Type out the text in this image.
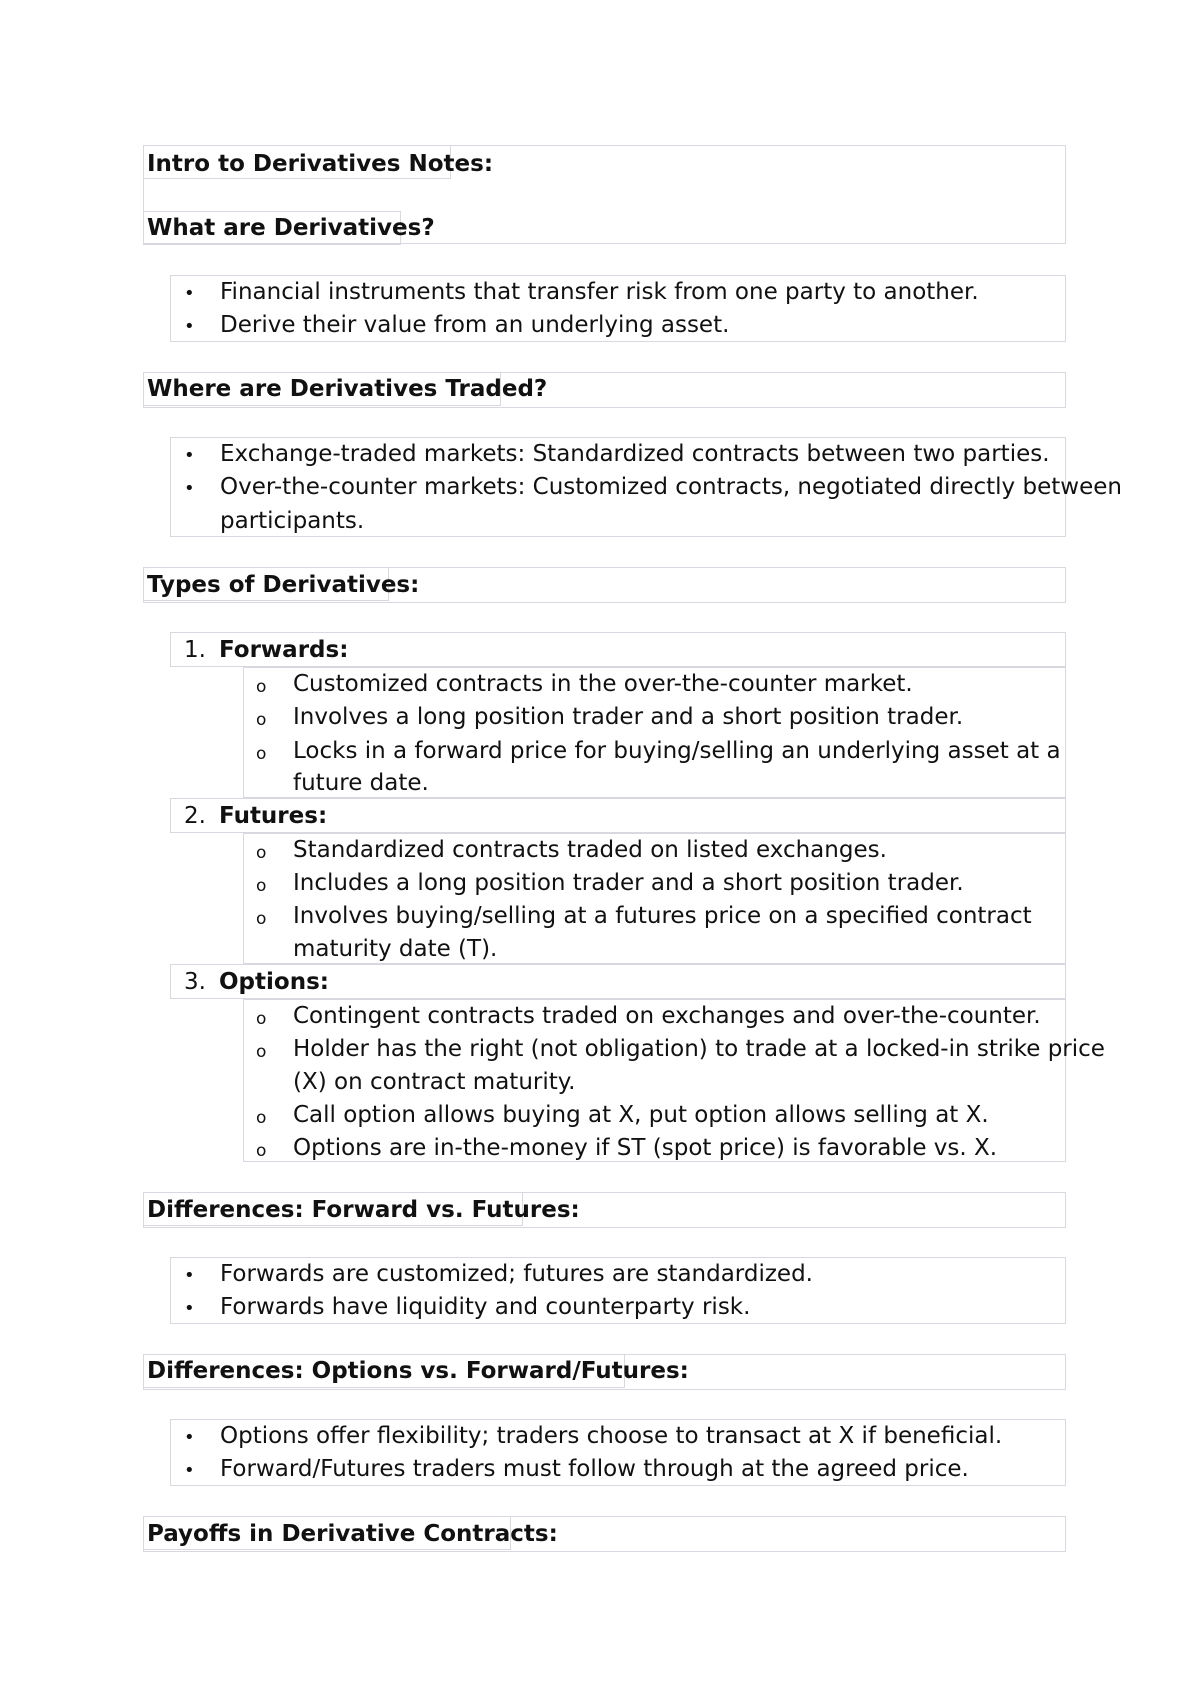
Intro to Derivatives Notes:
What are Derivatives?
• Financial instruments that transfer risk from one party to another.
• Derive their value from an underlying asset.
Where are Derivatives Traded?
• Exchange-traded markets: Standardized contracts between two parties.
• Over-the-counter markets: Customized contracts, negotiated directly between
participants.
Types of Derivatives:
1. Forwards:
o Customized contracts in the over-the-counter market.
o Involves a long position trader and a short position trader.
o Locks in a forward price for buying/selling an underlying asset at a
future date.
2. Futures:
o Standardized contracts traded on listed exchanges.
o Includes a long position trader and a short position trader.
o Involves buying/selling at a futures price on a specified contract
maturity date (T).
3. Options:
o Contingent contracts traded on exchanges and over-the-counter.
o Holder has the right (not obligation) to trade at a locked-in strike price
(X) on contract maturity.
o Call option allows buying at X, put option allows selling at X.
o Options are in-the-money if ST (spot price) is favorable vs. X.
Differences: Forward vs. Futures:
• Forwards are customized; futures are standardized.
• Forwards have liquidity and counterparty risk.
Differences: Options vs. Forward/Futures:
• Options offer flexibility; traders choose to transact at X if beneficial.
• Forward/Futures traders must follow through at the agreed price.
Payoffs in Derivative Contracts:
